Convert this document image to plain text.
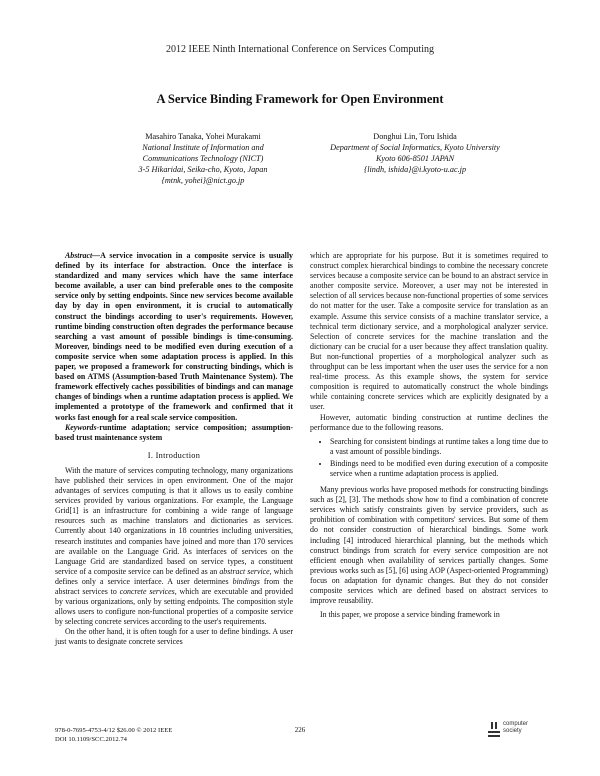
2012 IEEE Ninth International Conference on Services Computing
A Service Binding Framework for Open Environment
Masahiro Tanaka, Yohei Murakami
National Institute of Information and
Communications Technology (NICT)
3-5 Hikaridai, Seika-cho, Kyoto, Japan
{mtnk, yohei}@nict.go.jp
Donghui Lin, Toru Ishida
Department of Social Informatics, Kyoto University
Kyoto 606-8501 JAPAN
{lindh, ishida}@i.kyoto-u.ac.jp

Abstract—A service invocation in a composite service is usually defined by its interface for abstraction. Once the interface is standardized and many services which have the same interface become available, a user can bind preferable ones to the composite service only by setting endpoints. Since new services become available day by day in open environment, it is crucial to automatically construct the bindings according to user's requirements. However, runtime binding construction often degrades the performance because searching a vast amount of possible bindings is time-consuming. Moreover, bindings need to be modified even during execution of a composite service when some adaptation process is applied. In this paper, we proposed a framework for constructing bindings, which is based on ATMS (Assumption-based Truth Maintenance System). The framework effectively caches possibilities of bindings and can manage changes of bindings when a runtime adaptation process is applied. We implemented a prototype of the framework and confirmed that it works fast enough for a real scale service composition.

Keywords-runtime adaptation; service composition; assumption-based trust maintenance system

I. Introduction

With the mature of services computing technology, many organizations have published their services in open environment. One of the major advantages of services computing is that it allows us to easily combine services provided by various organizations. For example, the Language Grid[1] is an infrastructure for combining a wide range of language resources such as machine translators and dictionaries as services. Currently about 140 organizations in 18 countries including universities, research institutes and companies have joined and more than 170 services are available on the Language Grid. As interfaces of services on the Language Grid are standardized based on service types, a constituent service of a composite service can be defined as an abstract service, which defines only a service interface. A user determines bindings from the abstract services to concrete services, which are executable and provided by various organizations, only by setting endpoints. The composition style allows users to configure non-functional properties of a composite service by selecting concrete services according to the user's requirements.

On the other hand, it is often tough for a user to define bindings. A user just wants to designate concrete services

which are appropriate for his purpose. But it is sometimes required to construct complex hierarchical bindings to combine the necessary concrete services because a composite service can be bound to an abstract service in another composite service. Moreover, a user may not be interested in selection of all services because non-functional properties of some services do not matter for the user. Take a composite service for translation as an example. Assume this service consists of a machine translator service, a technical term dictionary service, and a morphological analyzer service. Selection of concrete services for the machine translation and the dictionary can be crucial for a user because they affect translation quality. But non-functional properties of a morphological analyzer such as throughput can be less important when the user uses the service for a non real-time process. As this example shows, the system for service composition is required to automatically construct the whole bindings while containing concrete services which are explicitly designated by a user.

However, automatic binding construction at runtime declines the performance due to the following reasons.

• Searching for consistent bindings at runtime takes a long time due to a vast amount of possible bindings.
• Bindings need to be modified even during execution of a composite service when a runtime adaptation process is applied.

Many previous works have proposed methods for constructing bindings such as [2], [3]. The methods show how to find a combination of concrete services which satisfy constraints given by service providers, such as prohibition of combination with competitors' services. But some of them do not consider construction of hierarchical bindings. Some work including [4] introduced hierarchical planning, but the methods which construct bindings from scratch for every service composition are not efficient enough when availability of services partially changes. Some previous works such as [5], [6] using AOP (Aspect-oriented Programming) focus on adaptation for dynamic changes. But they do not consider composite services which are defined based on abstract services to improve reusability.

In this paper, we propose a service binding framework in

978-0-7695-4753-4/12 $26.00 © 2012 IEEE
DOI 10.1109/SCC.2012.74
226
computer
society
